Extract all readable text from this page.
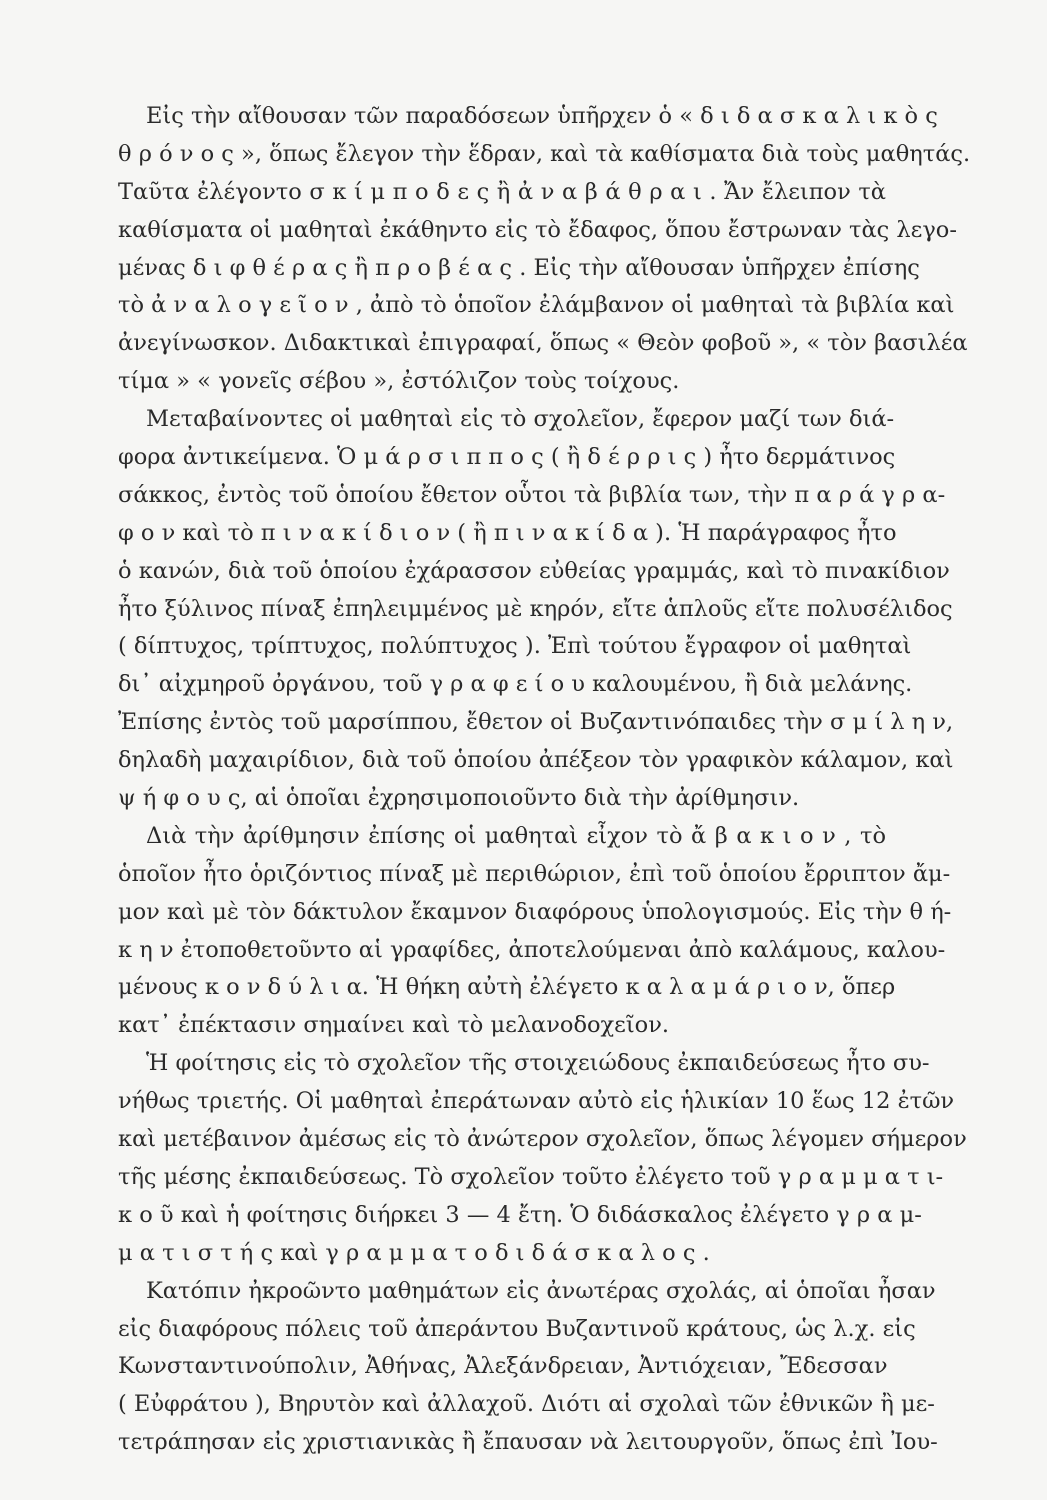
Εἰς τὴν αἴθουσαν τῶν παραδόσεων ὑπῆρχεν ὁ « δ ι δ α σ κ α λ ι κ ὸ ς
θ ρ ό ν ο ς », ὅπως ἔλεγον τὴν ἕδραν, καὶ τὰ καθίσματα διὰ τοὺς μαθητάς.
Ταῦτα ἐλέγοντο σ κ ί μ π ο δ ε ς ἢ ἀ ν α β ά θ ρ α ι . Ἄν ἔλειπον τὰ
καθίσματα οἱ μαθηταὶ ἐκάθηντο εἰς τὸ ἔδαφος, ὅπου ἔστρωναν τὰς λεγο-
μένας δ ι φ θ έ ρ α ς ἢ π ρ ο β έ α ς . Εἰς τὴν αἴθουσαν ὑπῆρχεν ἐπίσης
τὸ ἀ ν α λ ο γ ε ῖ ο ν , ἀπὸ τὸ ὁποῖον ἐλάμβανον οἱ μαθηταὶ τὰ βιβλία καὶ
ἀνεγίνωσκον. Διδακτικαὶ ἐπιγραφαί, ὅπως « Θεὸν φοβοῦ », « τὸν βασιλέα
τίμα » « γονεῖς σέβου », ἐστόλιζον τοὺς τοίχους.
Μεταβαίνοντες οἱ μαθηταὶ εἰς τὸ σχολεῖον, ἔφερον μαζί των διά-
φορα ἀντικείμενα. Ὁ μ ά ρ σ ι π π ο ς ( ἢ δ έ ρ ρ ι ς ) ἦτο δερμάτινος
σάκκος, ἐντὸς τοῦ ὁποίου ἔθετον οὗτοι τὰ βιβλία των, τὴν π α ρ ά γ ρ α-
φ ο ν καὶ τὸ π ι ν α κ ί δ ι ο ν ( ἢ π ι ν α κ ί δ α ). Ἡ παράγραφος ἦτο
ὁ κανών, διὰ τοῦ ὁποίου ἐχάρασσον εὐθείας γραμμάς, καὶ τὸ πινακίδιον
ἦτο ξύλινος πίναξ ἐπηλειμμένος μὲ κηρόν, εἴτε ἁπλοῦς εἴτε πολυσέλιδος
( δίπτυχος, τρίπτυχος, πολύπτυχος ). Ἐπὶ τούτου ἔγραφον οἱ μαθηταὶ
δι᾽ αἰχμηροῦ ὀργάνου, τοῦ γ ρ α φ ε ί ο υ καλουμένου, ἢ διὰ μελάνης.
Ἐπίσης ἐντὸς τοῦ μαρσίππου, ἔθετον οἱ Βυζαντινόπαιδες τὴν σ μ ί λ η ν,
δηλαδὴ μαχαιρίδιον, διὰ τοῦ ὁποίου ἀπέξεον τὸν γραφικὸν κάλαμον, καὶ
ψ ή φ ο υ ς, αἱ ὁποῖαι ἐχρησιμοποιοῦντο διὰ τὴν ἀρίθμησιν.
Διὰ τὴν ἀρίθμησιν ἐπίσης οἱ μαθηταὶ εἶχον τὸ ἄ β α κ ι ο ν , τὸ
ὁποῖον ἦτο ὁριζόντιος πίναξ μὲ περιθώριον, ἐπὶ τοῦ ὁποίου ἔρριπτον ἄμ-
μον καὶ μὲ τὸν δάκτυλον ἔκαμνον διαφόρους ὑπολογισμούς. Εἰς τὴν θ ή-
κ η ν ἐτοποθετοῦντο αἱ γραφίδες, ἀποτελούμεναι ἀπὸ καλάμους, καλου-
μένους κ ο ν δ ύ λ ι α. Ἡ θήκη αὐτὴ ἐλέγετο κ α λ α μ ά ρ ι ο ν, ὅπερ
κατ᾽ ἐπέκτασιν σημαίνει καὶ τὸ μελανοδοχεῖον.
Ἡ φοίτησις εἰς τὸ σχολεῖον τῆς στοιχειώδους ἐκπαιδεύσεως ἦτο συ-
νήθως τριετής. Οἱ μαθηταὶ ἐπεράτωναν αὐτὸ εἰς ἡλικίαν 10 ἕως 12 ἐτῶν
καὶ μετέβαινον ἀμέσως εἰς τὸ ἀνώτερον σχολεῖον, ὅπως λέγομεν σήμερον
τῆς μέσης ἐκπαιδεύσεως. Τὸ σχολεῖον τοῦτο ἐλέγετο τοῦ γ ρ α μ μ α τ ι-
κ ο ῦ καὶ ἡ φοίτησις διήρκει 3 — 4 ἔτη. Ὁ διδάσκαλος ἐλέγετο γ ρ α μ-
μ α τ ι σ τ ή ς καὶ γ ρ α μ μ α τ ο δ ι δ ά σ κ α λ ο ς .
Κατόπιν ἠκροῶντο μαθημάτων εἰς ἀνωτέρας σχολάς, αἱ ὁποῖαι ἦσαν
εἰς διαφόρους πόλεις τοῦ ἀπεράντου Βυζαντινοῦ κράτους, ὡς λ.χ. εἰς
Κωνσταντινούπολιν, Ἀθήνας, Ἀλεξάνδρειαν, Ἀντιόχειαν, Ἔδεσσαν
( Εὐφράτου ), Βηρυτὸν καὶ ἀλλαχοῦ. Διότι αἱ σχολαὶ τῶν ἐθνικῶν ἢ με-
τετράπησαν εἰς χριστιανικὰς ἢ ἔπαυσαν νὰ λειτουργοῦν, ὅπως ἐπὶ Ἰου-
